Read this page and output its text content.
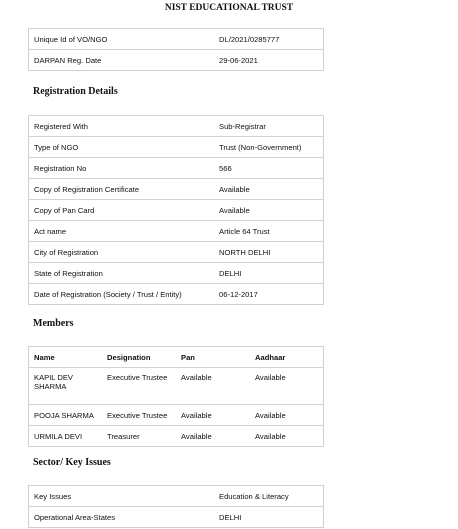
NIST EDUCATIONAL TRUST
Unique Id of VO/NGO	DL/2021/0285777
DARPAN Reg. Date	29-06-2021
Registration Details
Registered With	Sub-Registrar
Type of NGO	Trust (Non-Government)
Registration No	566
Copy of Registration Certificate	Available
Copy of Pan Card	Available
Act name	Article 64 Trust
City of Registration	NORTH DELHI
State of Registration	DELHI
Date of Registration (Society / Trust / Entity)	06-12-2017
Members
Name	Designation	Pan	Aadhaar
KAPIL DEV SHARMA	Executive Trustee	Available	Available
POOJA SHARMA	Executive Trustee	Available	Available
URMILA DEVI	Treasurer	Available	Available
Sector/ Key Issues
Key Issues	Education & Literacy
Operational Area-States	DELHI
